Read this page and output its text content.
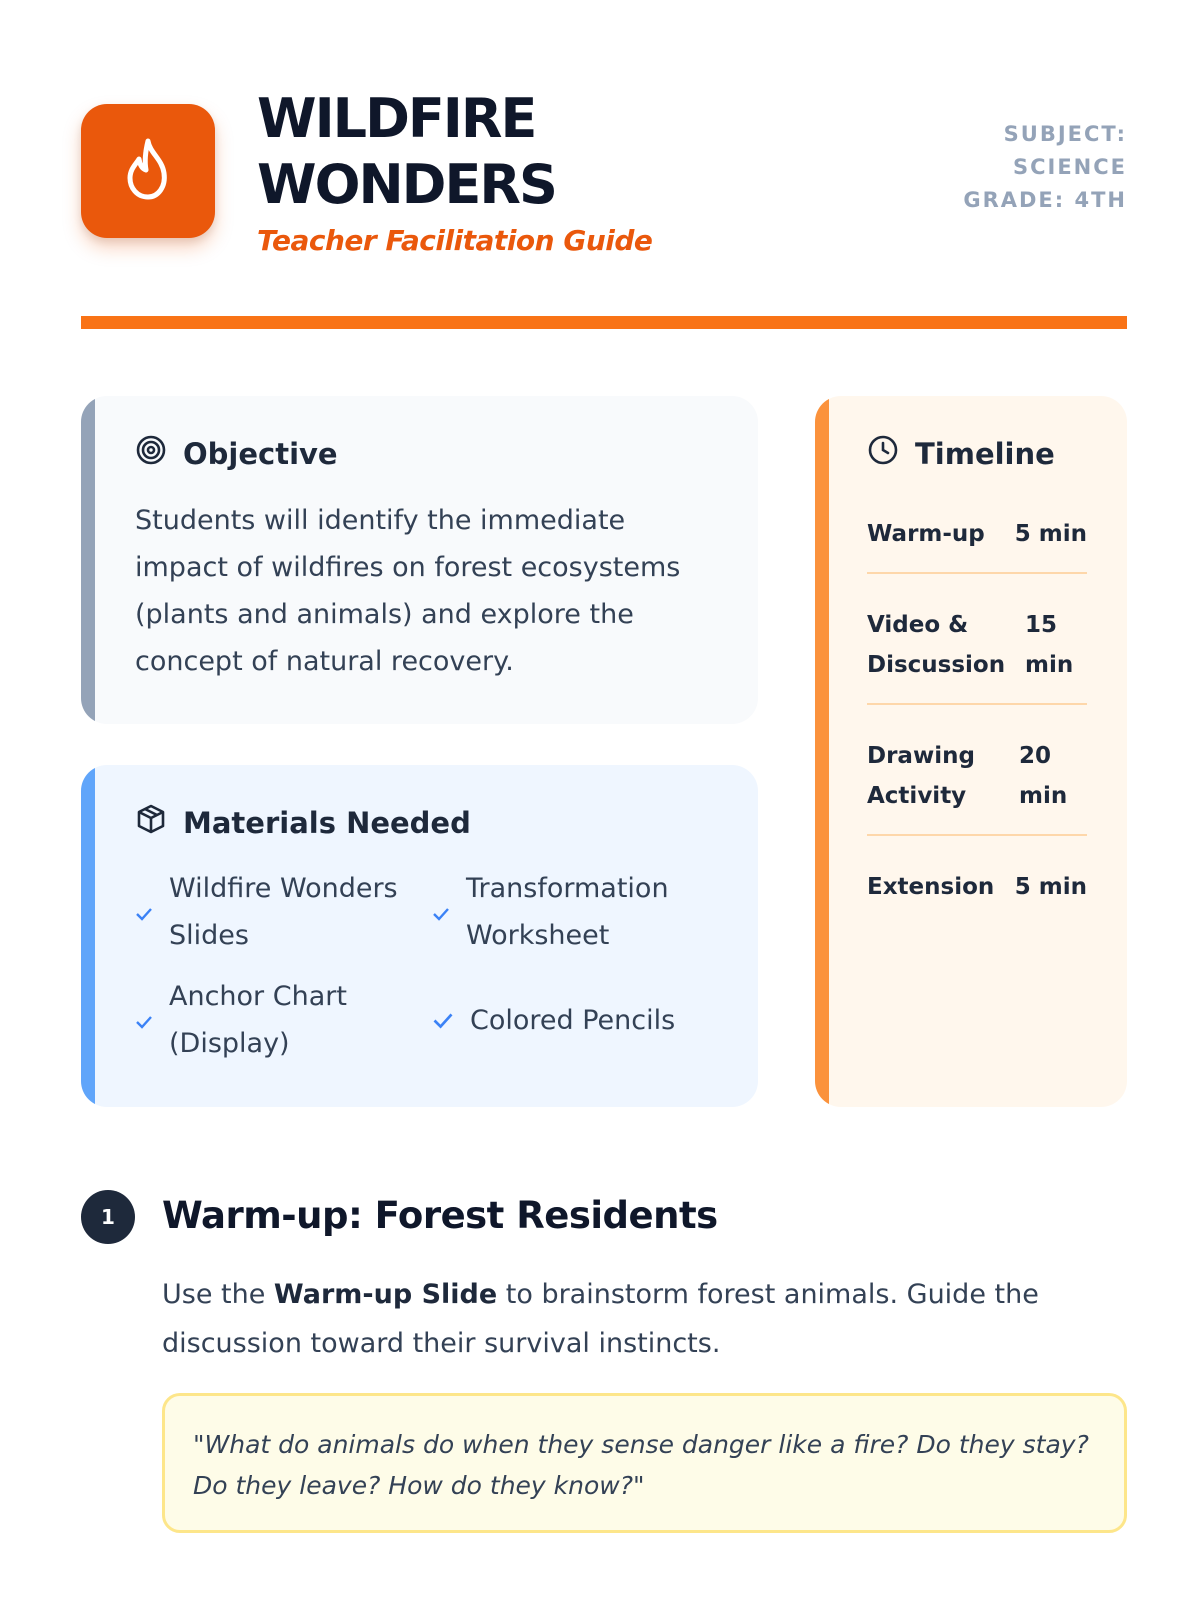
WILDFIRE
WONDERS
Teacher Facilitation Guide
SUBJECT:
SCIENCE
GRADE: 4TH
Objective
Students will identify the immediate impact of wildfires on forest ecosystems (plants and animals) and explore the concept of natural recovery.
Materials Needed
Wildfire Wonders
Slides
Transformation
Worksheet
Anchor Chart
(Display)
Colored Pencils
Timeline
Warm-up	5 min
Video &
Discussion
15
min
Drawing
Activity
20
min
Extension 5 min
1	Warm-up: Forest Residents
Use the Warm-up Slide to brainstorm forest animals. Guide the discussion toward their survival instincts.
"What do animals do when they sense danger like a fire? Do they stay? Do they leave? How do they know?"
